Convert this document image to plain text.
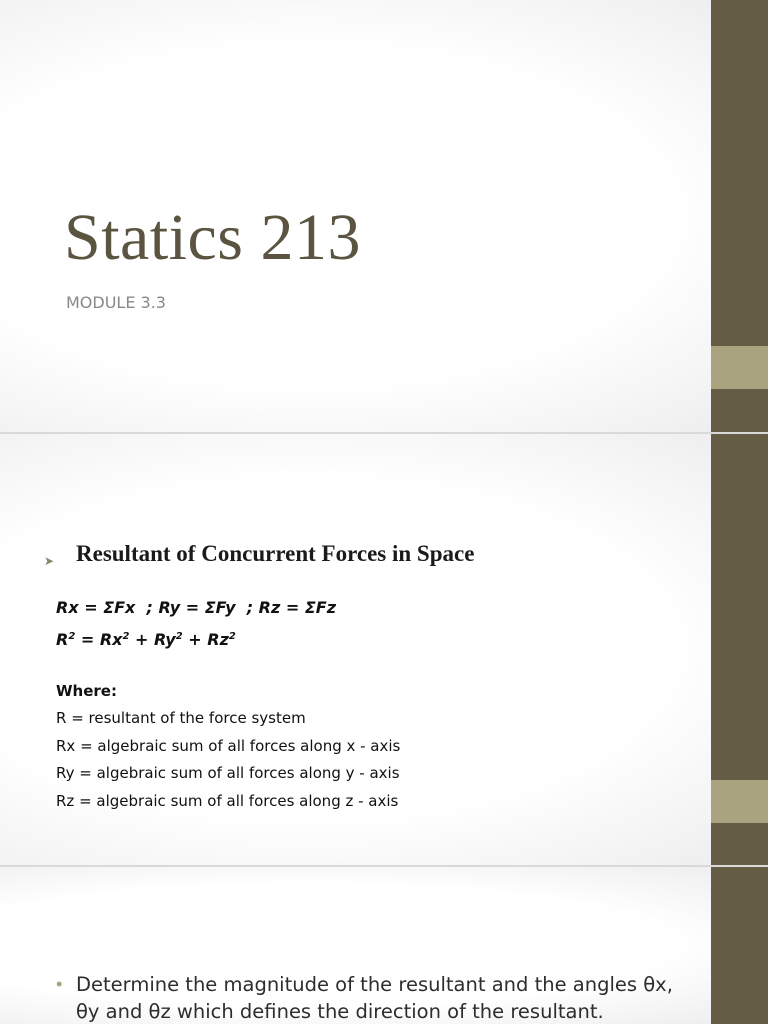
Statics 213
MODULE 3.3
➤ Resultant of Concurrent Forces in Space
Rx = ΣFx  ; Ry = ΣFy  ; Rz = ΣFz
$R^2 = Rx^2 + Ry^2 + Rz^2$
Where:
R = resultant of the force system
Rx = algebraic sum of all forces along x - axis
Ry = algebraic sum of all forces along y - axis
Rz = algebraic sum of all forces along z - axis
• Determine the magnitude of the resultant and the angles θx, θy and θz which defines the direction of the resultant.
